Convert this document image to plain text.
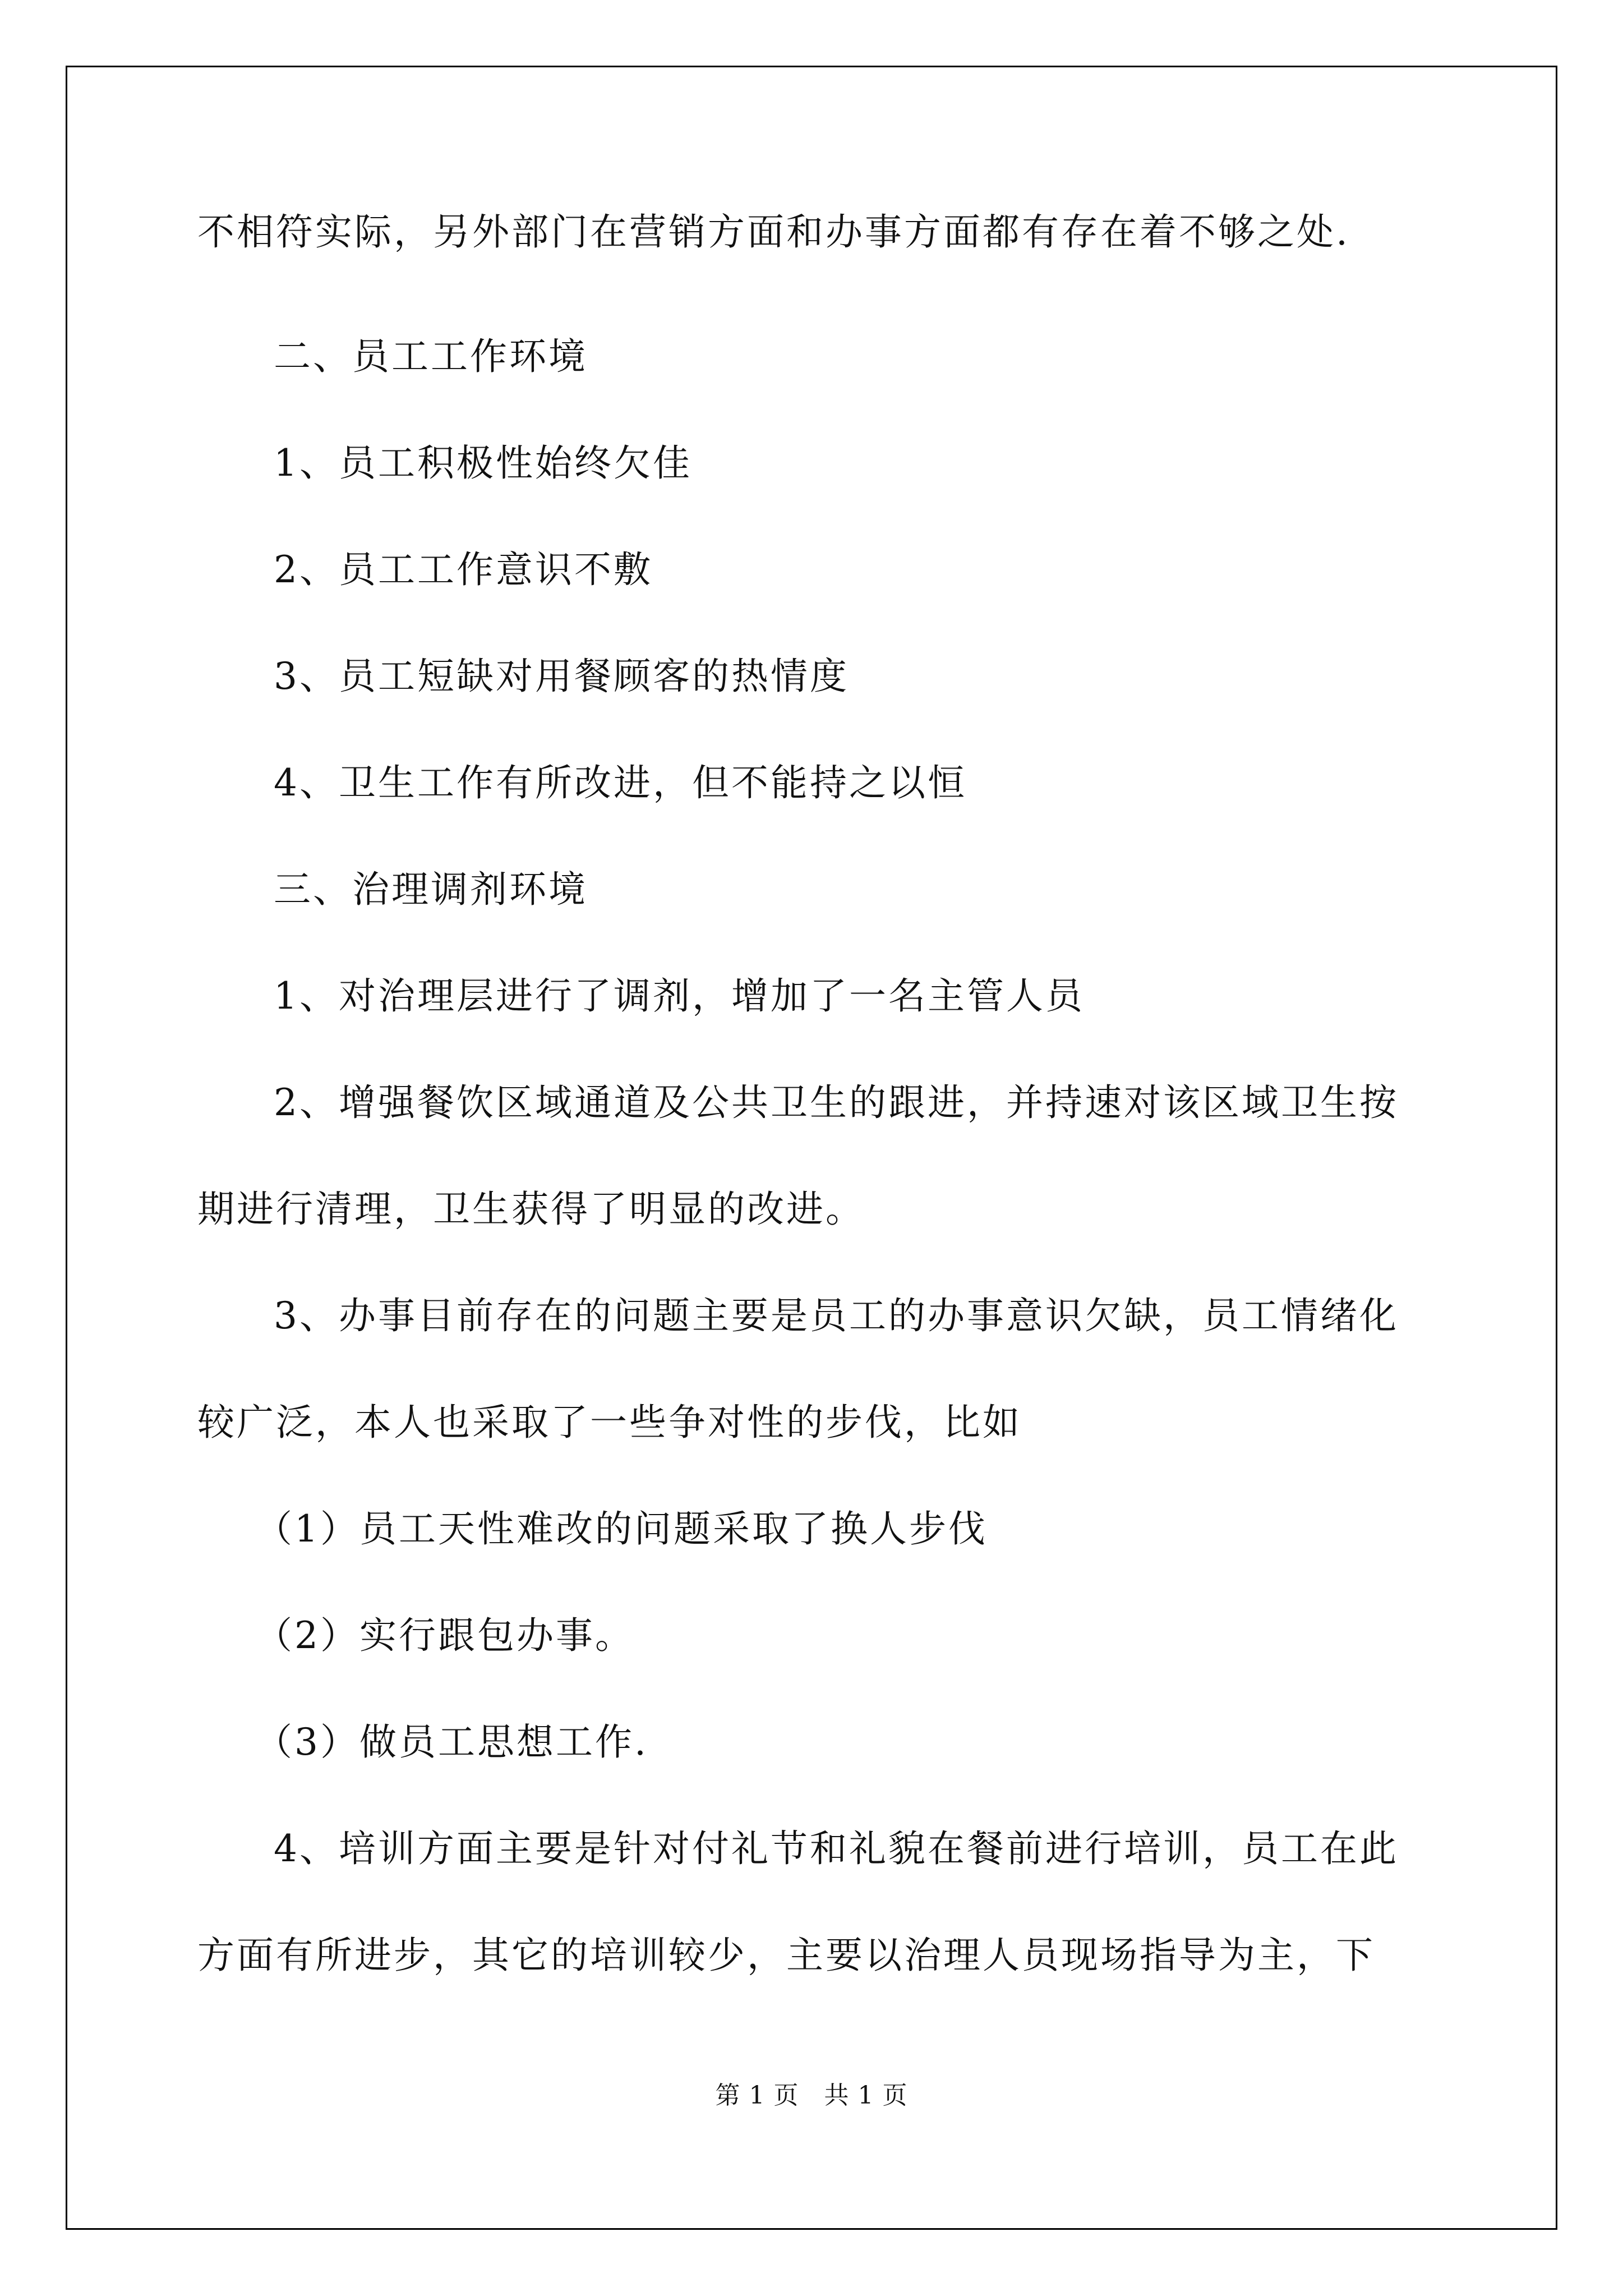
不相符实际，另外部门在营销方面和办事方面都有存在着不够之处.
二、员工工作环境
1、员工积极性始终欠佳
2、员工工作意识不敷
3、员工短缺对用餐顾客的热情度
4、卫生工作有所改进，但不能持之以恒
三、治理调剂环境
1、对治理层进行了调剂，增加了一名主管人员
2、增强餐饮区域通道及公共卫生的跟进，并持速对该区域卫生按
期进行清理，卫生获得了明显的改进。
3、办事目前存在的问题主要是员工的办事意识欠缺，员工情绪化
较广泛，本人也采取了一些争对性的步伐，比如
（1）员工天性难改的问题采取了换人步伐
（2）实行跟包办事。
（3）做员工思想工作.
4、培训方面主要是针对付礼节和礼貌在餐前进行培训，员工在此
方面有所进步，其它的培训较少，主要以治理人员现场指导为主，下
第 1 页　共 1 页
